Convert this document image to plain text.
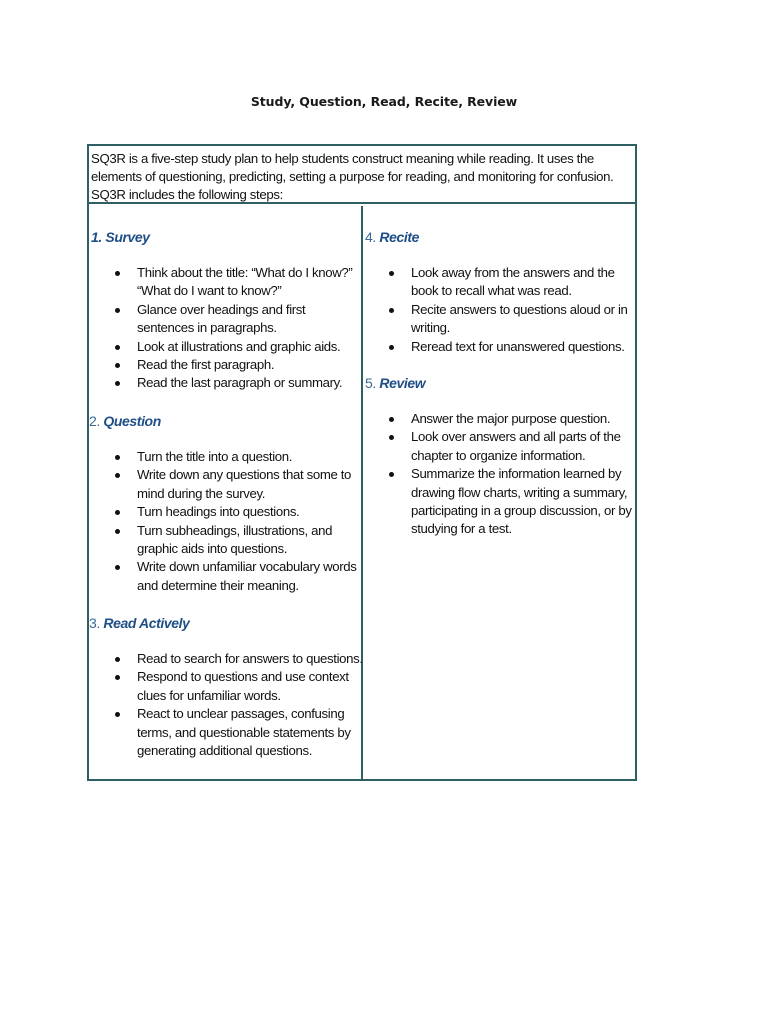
Study, Question, Read, Recite, Review
SQ3R is a five-step study plan to help students construct meaning while reading. It uses the elements of questioning, predicting, setting a purpose for reading, and monitoring for confusion. SQ3R includes the following steps:
1. Survey
Think about the title: “What do I know?” “What do I want to know?”
Glance over headings and first sentences in paragraphs.
Look at illustrations and graphic aids.
Read the first paragraph.
Read the last paragraph or summary.
2. Question
Turn the title into a question.
Write down any questions that some to mind during the survey.
Turn headings into questions.
Turn subheadings, illustrations, and graphic aids into questions.
Write down unfamiliar vocabulary words and determine their meaning.
3. Read Actively
Read to search for answers to questions.
Respond to questions and use context clues for unfamiliar words.
React to unclear passages, confusing terms, and questionable statements by generating additional questions.
4. Recite
Look away from the answers and the book to recall what was read.
Recite answers to questions aloud or in writing.
Reread text for unanswered questions.
5. Review
Answer the major purpose question.
Look over answers and all parts of the chapter to organize information.
Summarize the information learned by drawing flow charts, writing a summary, participating in a group discussion, or by studying for a test.
